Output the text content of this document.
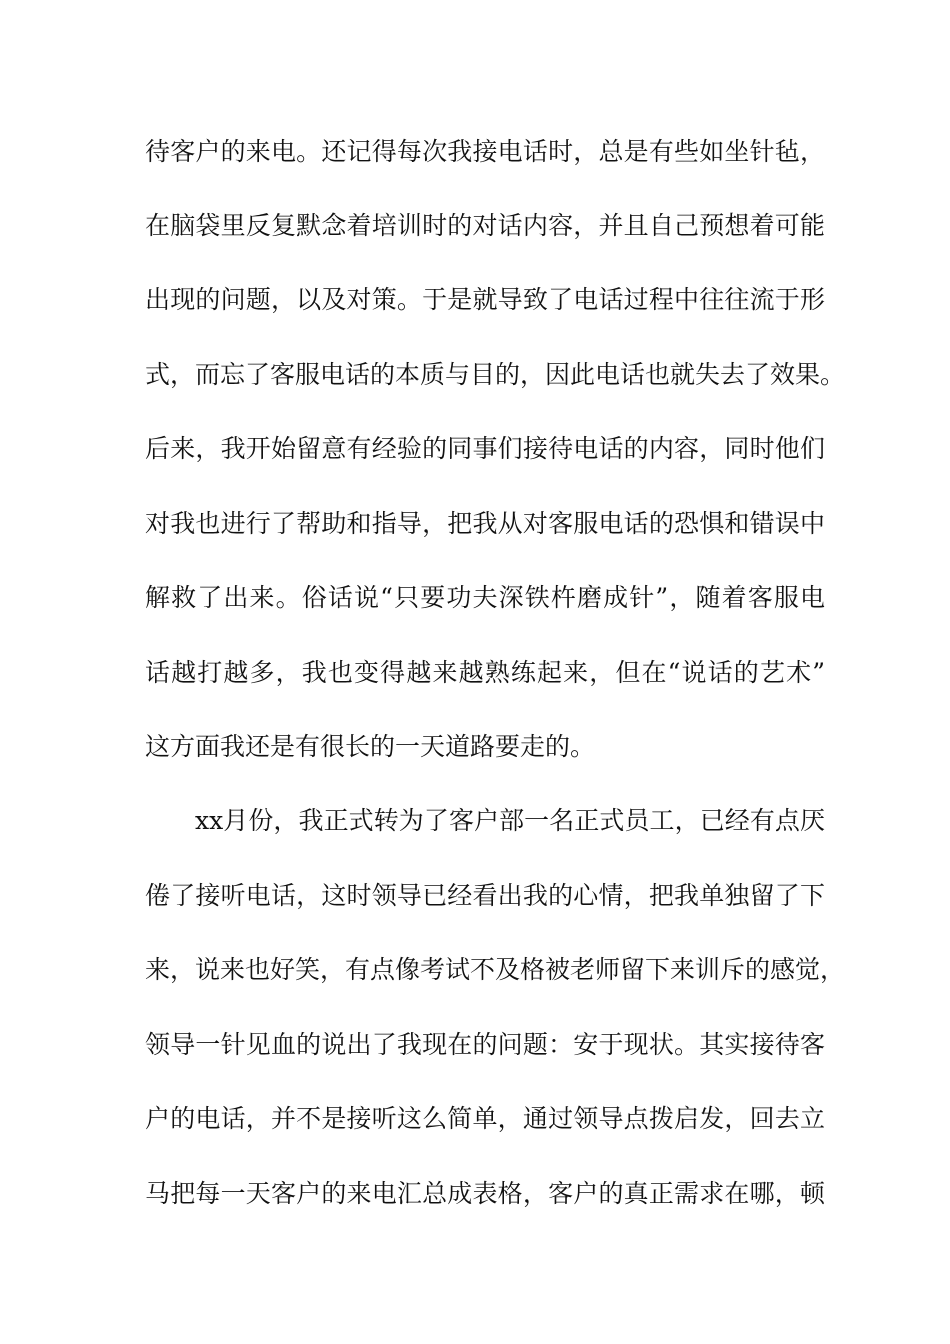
待客户的来电。还记得每次我接电话时，总是有些如坐针毡，
在脑袋里反复默念着培训时的对话内容，并且自己预想着可能
出现的问题，以及对策。于是就导致了电话过程中往往流于形
式，而忘了客服电话的本质与目的，因此电话也就失去了效果。
后来，我开始留意有经验的同事们接待电话的内容，同时他们
对我也进行了帮助和指导，把我从对客服电话的恐惧和错误中
解救了出来。俗话说“只要功夫深铁杵磨成针”，随着客服电
话越打越多，我也变得越来越熟练起来，但在“说话的艺术”
这方面我还是有很长的一天道路要走的。
xx月份，我正式转为了客户部一名正式员工，已经有点厌
倦了接听电话，这时领导已经看出我的心情，把我单独留了下
来，说来也好笑，有点像考试不及格被老师留下来训斥的感觉，
领导一针见血的说出了我现在的问题：安于现状。其实接待客
户的电话，并不是接听这么简单，通过领导点拨启发，回去立
马把每一天客户的来电汇总成表格，客户的真正需求在哪，顿
